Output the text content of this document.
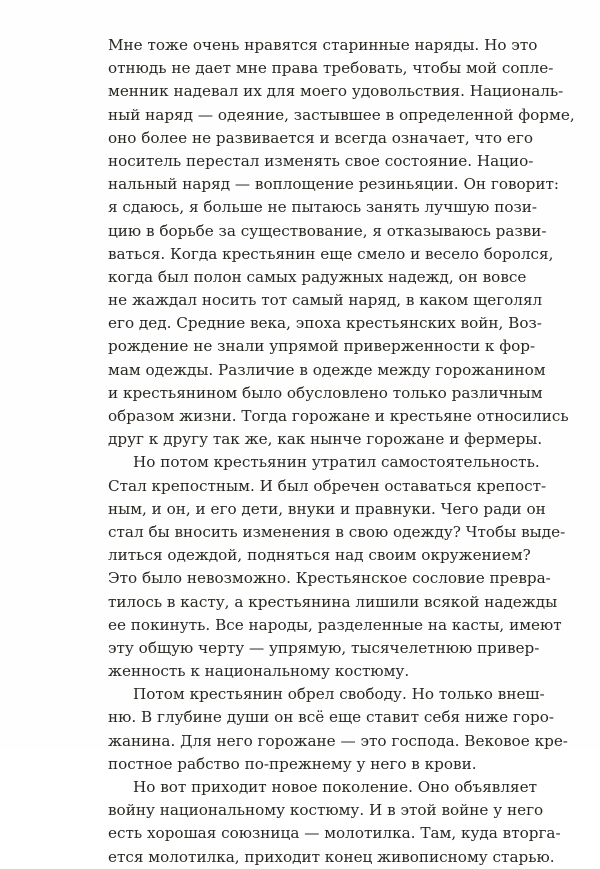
Мне тоже очень нравятся старинные наряды. Но это
отнюдь не дает мне права требовать, чтобы мой сопле-
менник надевал их для моего удовольствия. Националь-
ный наряд — одеяние, застывшее в определенной форме,
оно более не развивается и всегда означает, что его
носитель перестал изменять свое состояние. Нацио-
нальный наряд — воплощение резиньяции. Он говорит:
я сдаюсь, я больше не пытаюсь занять лучшую пози-
цию в борьбе за существование, я отказываюсь разви-
ваться. Когда крестьянин еще смело и весело боролся,
когда был полон самых радужных надежд, он вовсе
не жаждал носить тот самый наряд, в каком щеголял
его дед. Средние века, эпоха крестьянских войн, Воз-
рождение не знали упрямой приверженности к фор-
мам одежды. Различие в одежде между горожанином
и крестьянином было обусловлено только различным
образом жизни. Тогда горожане и крестьяне относились
друг к другу так же, как нынче горожане и фермеры.
Но потом крестьянин утратил самостоятельность.
Стал крепостным. И был обречен оставаться крепост-
ным, и он, и его дети, внуки и правнуки. Чего ради он
стал бы вносить изменения в свою одежду? Чтобы выде-
литься одеждой, подняться над своим окружением?
Это было невозможно. Крестьянское сословие превра-
тилось в касту, а крестьянина лишили всякой надежды
ее покинуть. Все народы, разделенные на касты, имеют
эту общую черту — упрямую, тысячелетнюю привер-
женность к национальному костюму.
Потом крестьянин обрел свободу. Но только внеш-
ню. В глубине души он всё еще ставит себя ниже горо-
жанина. Для него горожане — это господа. Вековое кре-
постное рабство по-прежнему у него в крови.
Но вот приходит новое поколение. Оно объявляет
войну национальному костюму. И в этой войне у него
есть хорошая союзница — молотилка. Там, куда вторга-
ется молотилка, приходит конец живописному старью.
